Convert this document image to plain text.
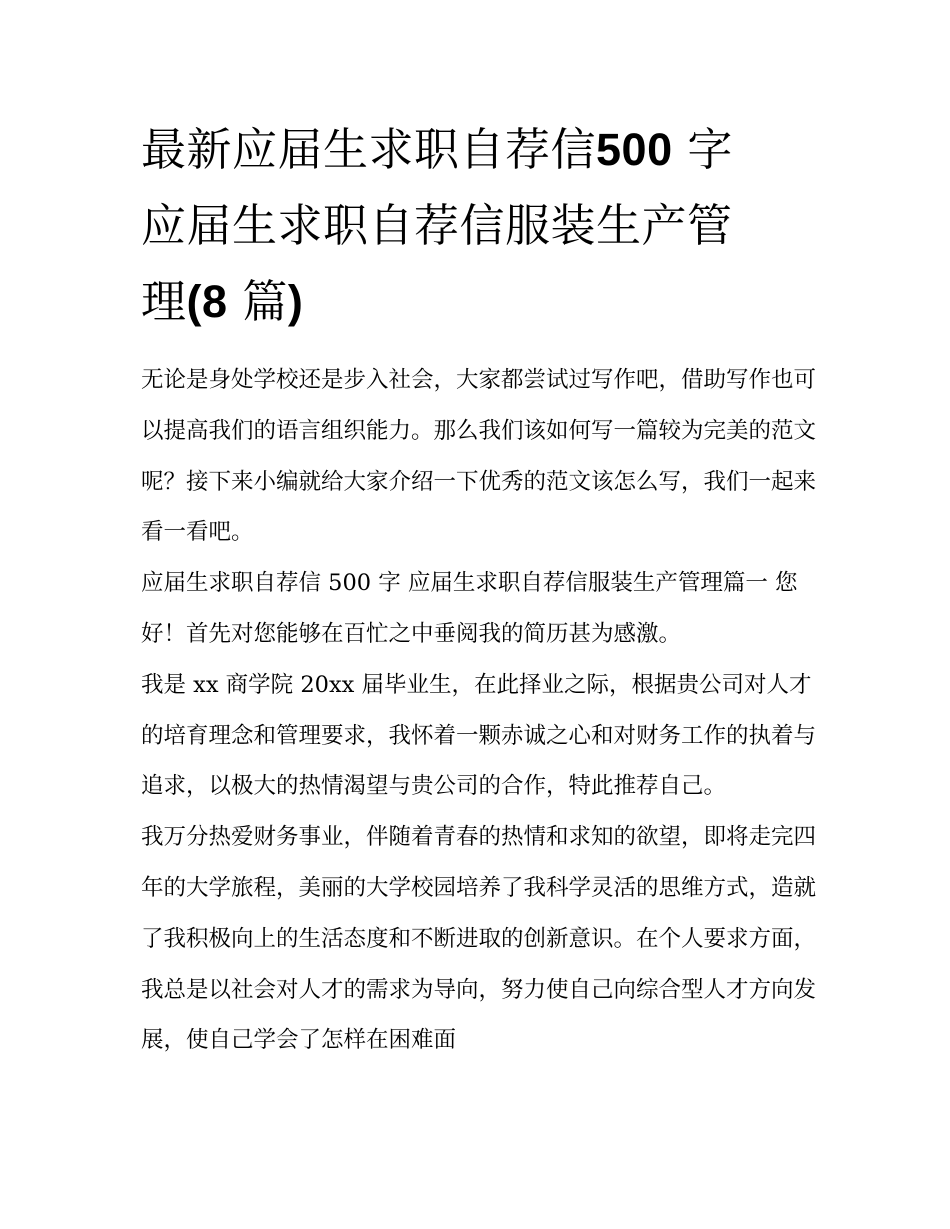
最新应届生求职自荐信500 字
应届生求职自荐信服装生产管
理(8 篇)

无论是身处学校还是步入社会，大家都尝试过写作吧，借助写作也可以提高我们的语言组织能力。那么我们该如何写一篇较为完美的范文呢？接下来小编就给大家介绍一下优秀的范文该怎么写，我们一起来看一看吧。

应届生求职自荐信 500 字 应届生求职自荐信服装生产管理篇一 您好！首先对您能够在百忙之中垂阅我的简历甚为感激。

我是 xx 商学院 20xx 届毕业生，在此择业之际，根据贵公司对人才的培育理念和管理要求，我怀着一颗赤诚之心和对财务工作的执着与追求，以极大的热情渴望与贵公司的合作，特此推荐自己。

我万分热爱财务事业，伴随着青春的热情和求知的欲望，即将走完四年的大学旅程，美丽的大学校园培养了我科学灵活的思维方式，造就了我积极向上的生活态度和不断进取的创新意识。在个人要求方面，我总是以社会对人才的需求为导向，努力使自己向综合型人才方向发展，使自己学会了怎样在困难面
